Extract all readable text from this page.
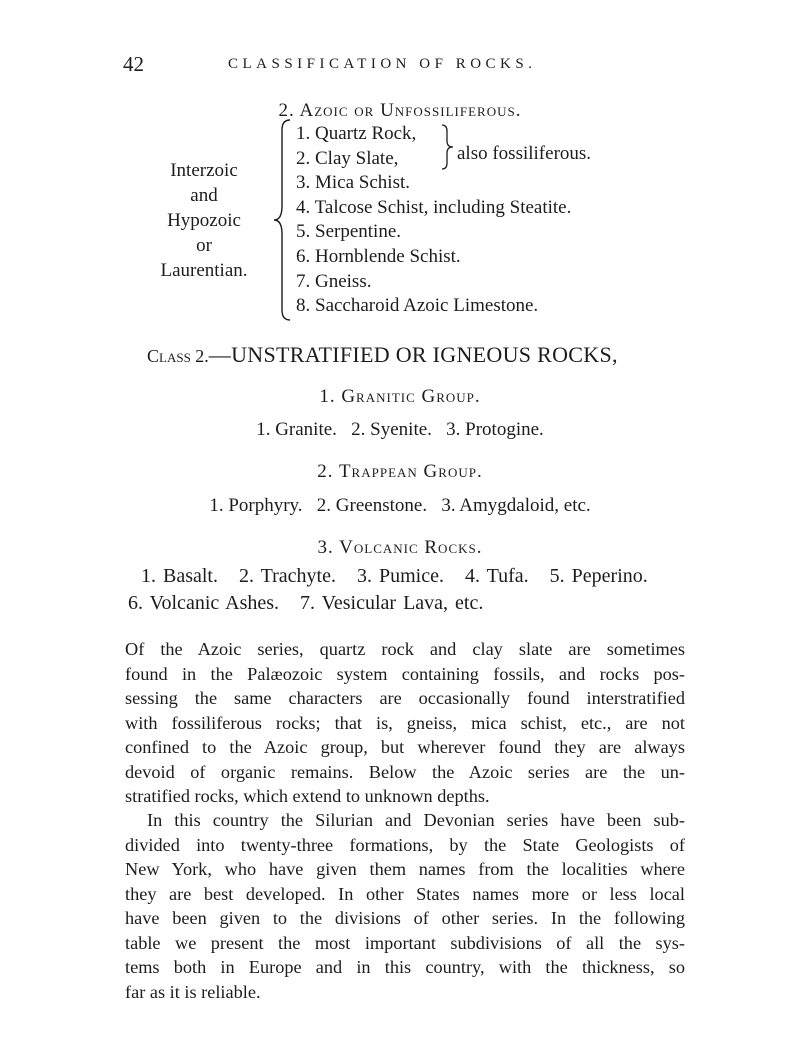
42	CLASSIFICATION OF ROCKS.
2. Azoic or Unfossiliferous.
Interzoic
and
Hypozoic
or
Laurentian.
1. Quartz Rock,
2. Clay Slate,
3. Mica Schist.
4. Talcose Schist, including Steatite.
5. Serpentine.
6. Hornblende Schist.
7. Gneiss.
8. Saccharoid Azoic Limestone.
also fossiliferous.
Class 2.—UNSTRATIFIED OR IGNEOUS ROCKS,
1. Granitic Group.
1. Granite.   2. Syenite.   3. Protogine.
2. Trappean Group.
1. Porphyry.   2. Greenstone.   3. Amygdaloid, etc.
3. Volcanic Rocks.
1. Basalt.   2. Trachyte.   3. Pumice.   4. Tufa.   5. Peperino.
6. Volcanic Ashes.   7. Vesicular Lava, etc.
Of the Azoic series, quartz rock and clay slate are sometimes
found in the Palæozoic system containing fossils, and rocks pos-
sessing the same characters are occasionally found interstratified
with fossiliferous rocks; that is, gneiss, mica schist, etc., are not
confined to the Azoic group, but wherever found they are always
devoid of organic remains. Below the Azoic series are the un-
stratified rocks, which extend to unknown depths.
In this country the Silurian and Devonian series have been sub-
divided into twenty-three formations, by the State Geologists of
New York, who have given them names from the localities where
they are best developed. In other States names more or less local
have been given to the divisions of other series. In the following
table we present the most important subdivisions of all the sys-
tems both in Europe and in this country, with the thickness, so
far as it is reliable.
